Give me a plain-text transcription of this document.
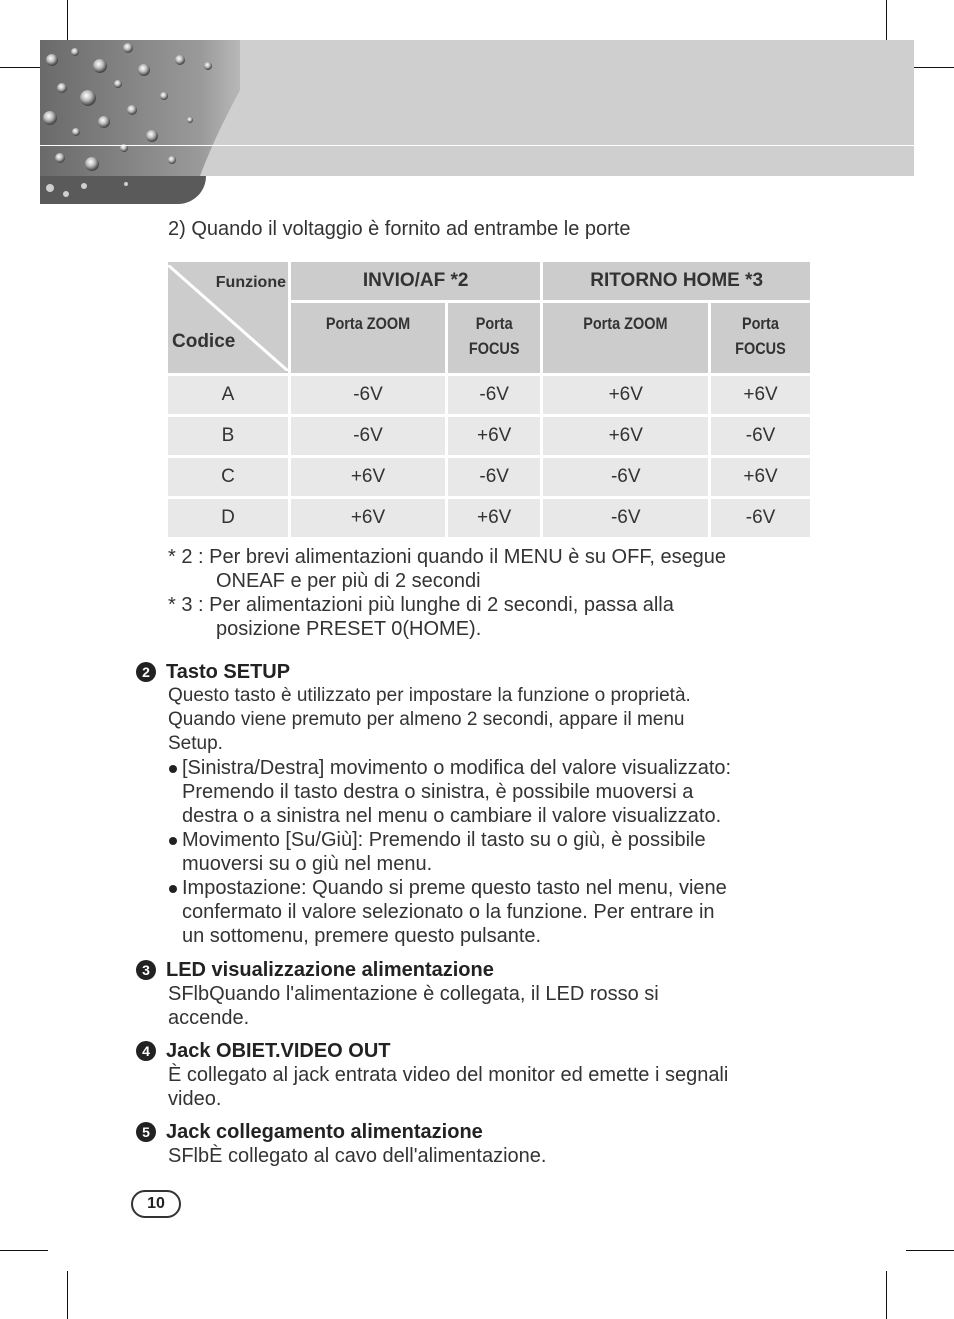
2) Quando il voltaggio è fornito ad entrambe le porte
Funzione
Codice	INVIO/AF *2		RITORNO HOME *3	

	Porta ZOOM	Porta
FOCUS	Porta ZOOM	Porta
FOCUS

A	-6V	-6V	+6V	+6V
B	-6V	+6V	+6V	-6V
C	+6V	-6V	-6V	+6V
D	+6V	+6V	-6V	-6V
* 2 : Per brevi alimentazioni quando il MENU è su OFF, esegue
ONEAF e per più di 2 secondi
* 3 : Per alimentazioni più lunghe di 2 secondi, passa alla
posizione PRESET 0(HOME).
2 Tasto SETUP
Questo tasto è utilizzato per impostare la funzione o proprietà.
Quando viene premuto per almeno 2 secondi, appare il menu
Setup.
[Sinistra/Destra] movimento o modifica del valore visualizzato:
Premendo il tasto destra o sinistra, è possibile muoversi a
destra o a sinistra nel menu o cambiare il valore visualizzato.
Movimento [Su/Giù]: Premendo il tasto su o giù, è possibile
muoversi su o giù nel menu.
Impostazione: Quando si preme questo tasto nel menu, viene
confermato il valore selezionato o la funzione. Per entrare in
un sottomenu, premere questo pulsante.
3 LED visualizzazione alimentazione
SFlbQuando l'alimentazione è collegata, il LED rosso si
accende.
4 Jack OBIET.VIDEO OUT
È collegato al jack entrata video del monitor ed emette i segnali
video.
5 Jack collegamento alimentazione
SFlbÈ collegato al cavo dell'alimentazione.
10
